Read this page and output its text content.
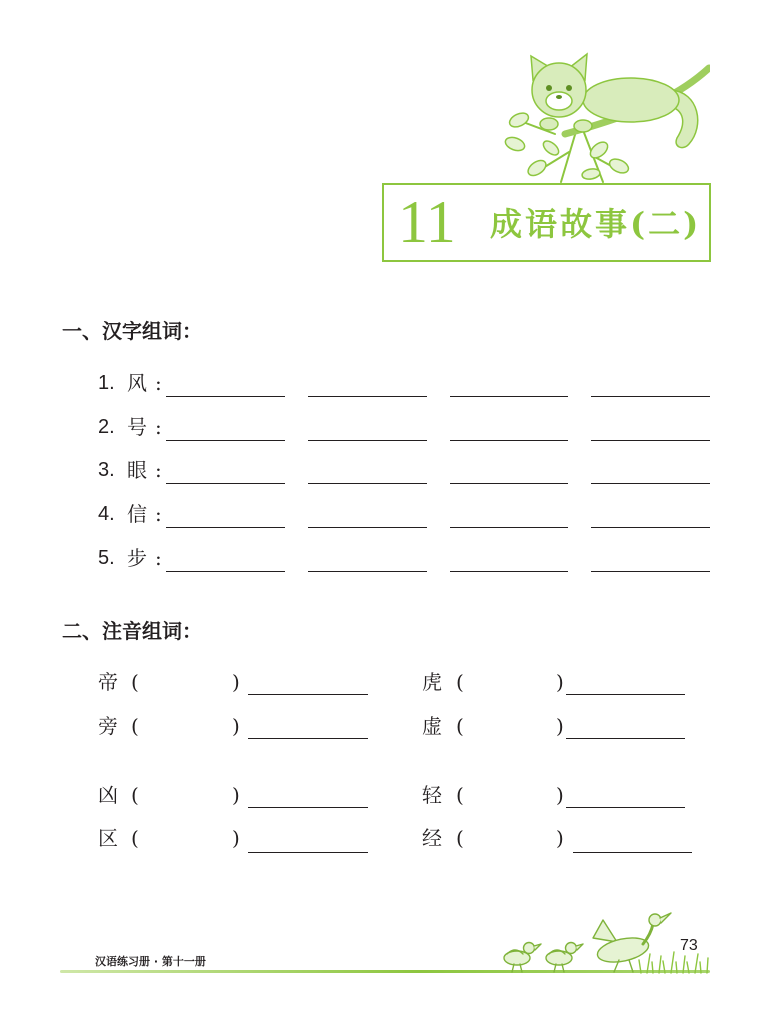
11 成语故事(二)
一、汉字组词：
1. 风 :
2. 号 :
3. 眼 :
4. 信 :
5. 步 :
二、注音组词：
帝 (	)	虎 (	)
旁 (	)	虚 (	)
凶 (	)	轻 (	)
区 (	)	经 (	)
汉语练习册 · 第十一册
73
